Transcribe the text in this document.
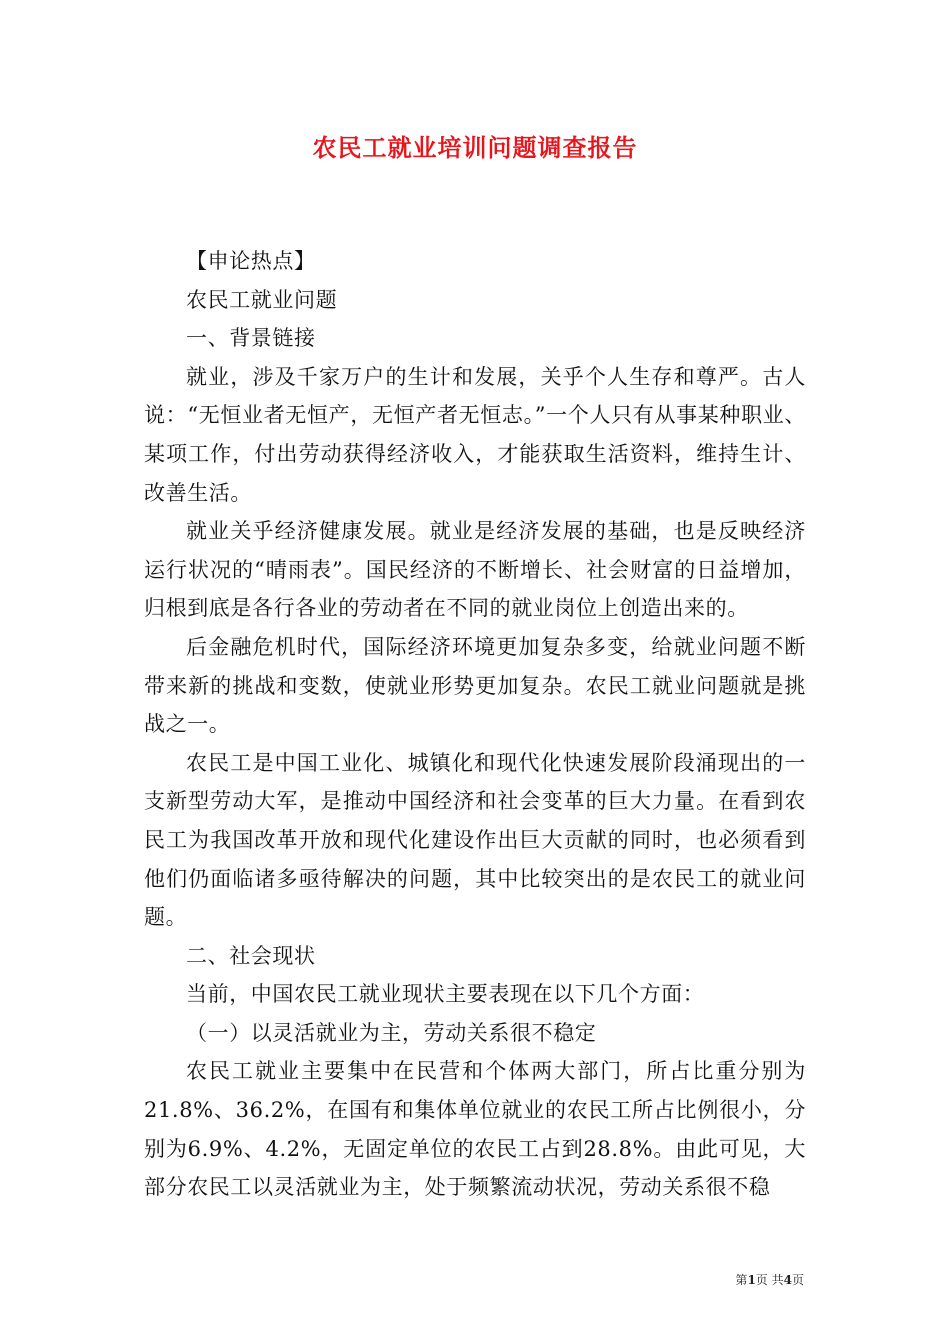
农民工就业培训问题调查报告

【申论热点】

农民工就业问题

一、背景链接

就业，涉及千家万户的生计和发展，关乎个人生存和尊严。古人说：“无恒业者无恒产，无恒产者无恒志。”一个人只有从事某种职业、某项工作，付出劳动获得经济收入，才能获取生活资料，维持生计、改善生活。

就业关乎经济健康发展。就业是经济发展的基础，也是反映经济运行状况的“晴雨表”。国民经济的不断增长、社会财富的日益增加，归根到底是各行各业的劳动者在不同的就业岗位上创造出来的。

后金融危机时代，国际经济环境更加复杂多变，给就业问题不断带来新的挑战和变数，使就业形势更加复杂。农民工就业问题就是挑战之一。

农民工是中国工业化、城镇化和现代化快速发展阶段涌现出的一支新型劳动大军，是推动中国经济和社会变革的巨大力量。在看到农民工为我国改革开放和现代化建设作出巨大贡献的同时，也必须看到他们仍面临诸多亟待解决的问题，其中比较突出的是农民工的就业问题。

二、社会现状

当前，中国农民工就业现状主要表现在以下几个方面：

（一）以灵活就业为主，劳动关系很不稳定

农民工就业主要集中在民营和个体两大部门，所占比重分别为21.8%、36.2%，在国有和集体单位就业的农民工所占比例很小，分别为6.9%、4.2%，无固定单位的农民工占到28.8%。由此可见，大部分农民工以灵活就业为主，处于频繁流动状况，劳动关系很不稳

第1页 共4页
